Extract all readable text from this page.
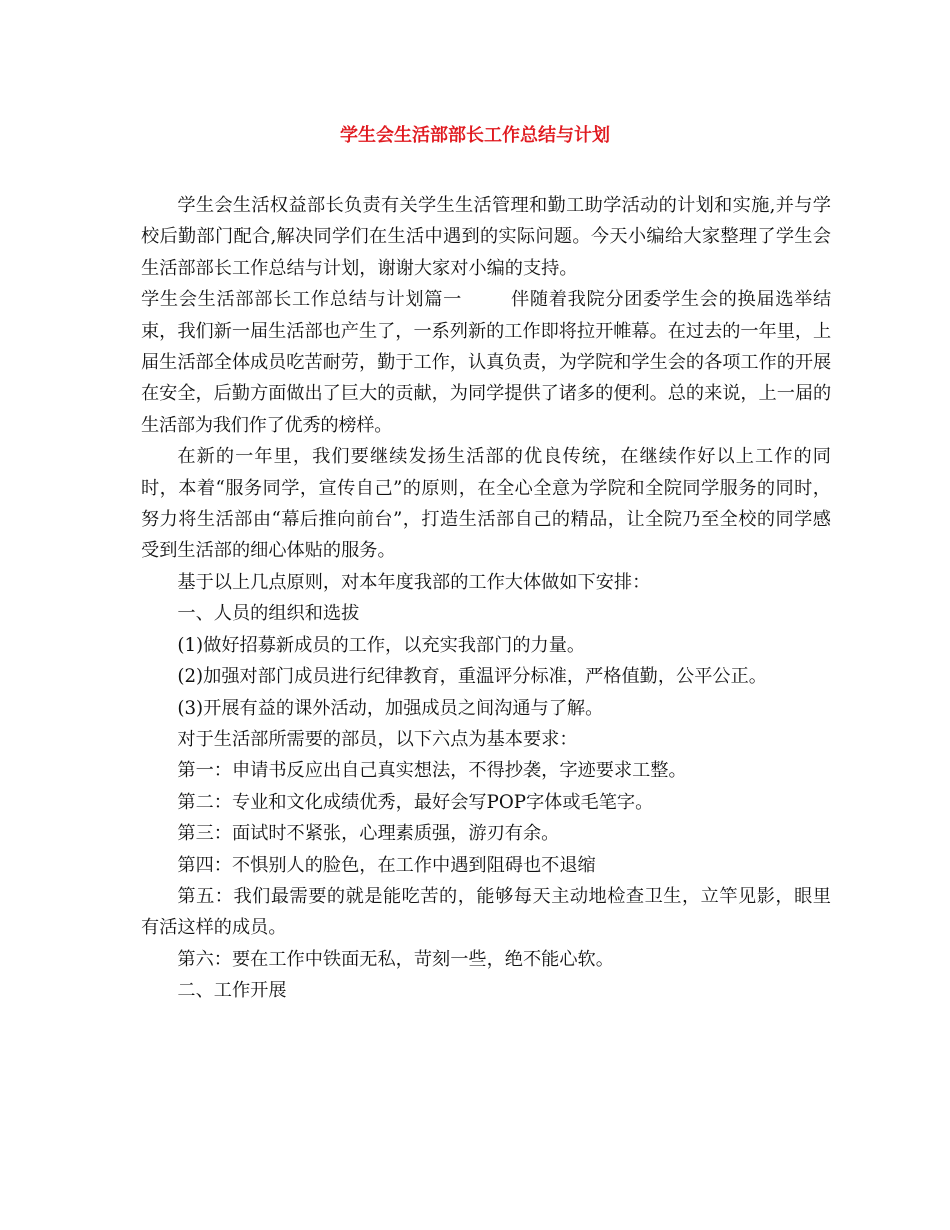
学生会生活部部长工作总结与计划

学生会生活权益部长负责有关学生生活管理和勤工助学活动的计划和实施,并与学校后勤部门配合,解决同学们在生活中遇到的实际问题。今天小编给大家整理了学生会生活部部长工作总结与计划，谢谢大家对小编的支持。

学生会生活部部长工作总结与计划篇一	伴随着我院分团委学生会的换届选举结束，我们新一届生活部也产生了，一系列新的工作即将拉开帷幕。在过去的一年里，上届生活部全体成员吃苦耐劳，勤于工作，认真负责，为学院和学生会的各项工作的开展在安全，后勤方面做出了巨大的贡献，为同学提供了诸多的便利。总的来说，上一届的生活部为我们作了优秀的榜样。

在新的一年里，我们要继续发扬生活部的优良传统，在继续作好以上工作的同时，本着“服务同学，宣传自己”的原则，在全心全意为学院和全院同学服务的同时，努力将生活部由“幕后推向前台”，打造生活部自己的精品，让全院乃至全校的同学感受到生活部的细心体贴的服务。

基于以上几点原则，对本年度我部的工作大体做如下安排：

一、人员的组织和选拔

(1)做好招募新成员的工作，以充实我部门的力量。

(2)加强对部门成员进行纪律教育，重温评分标准，严格值勤，公平公正。

(3)开展有益的课外活动，加强成员之间沟通与了解。

对于生活部所需要的部员，以下六点为基本要求：

第一：申请书反应出自己真实想法，不得抄袭，字迹要求工整。

第二：专业和文化成绩优秀，最好会写POP字体或毛笔字。

第三：面试时不紧张，心理素质强，游刃有余。

第四：不惧别人的脸色，在工作中遇到阻碍也不退缩

第五：我们最需要的就是能吃苦的，能够每天主动地检查卫生，立竿见影，眼里有活这样的成员。

第六：要在工作中铁面无私，苛刻一些，绝不能心软。

二、工作开展
